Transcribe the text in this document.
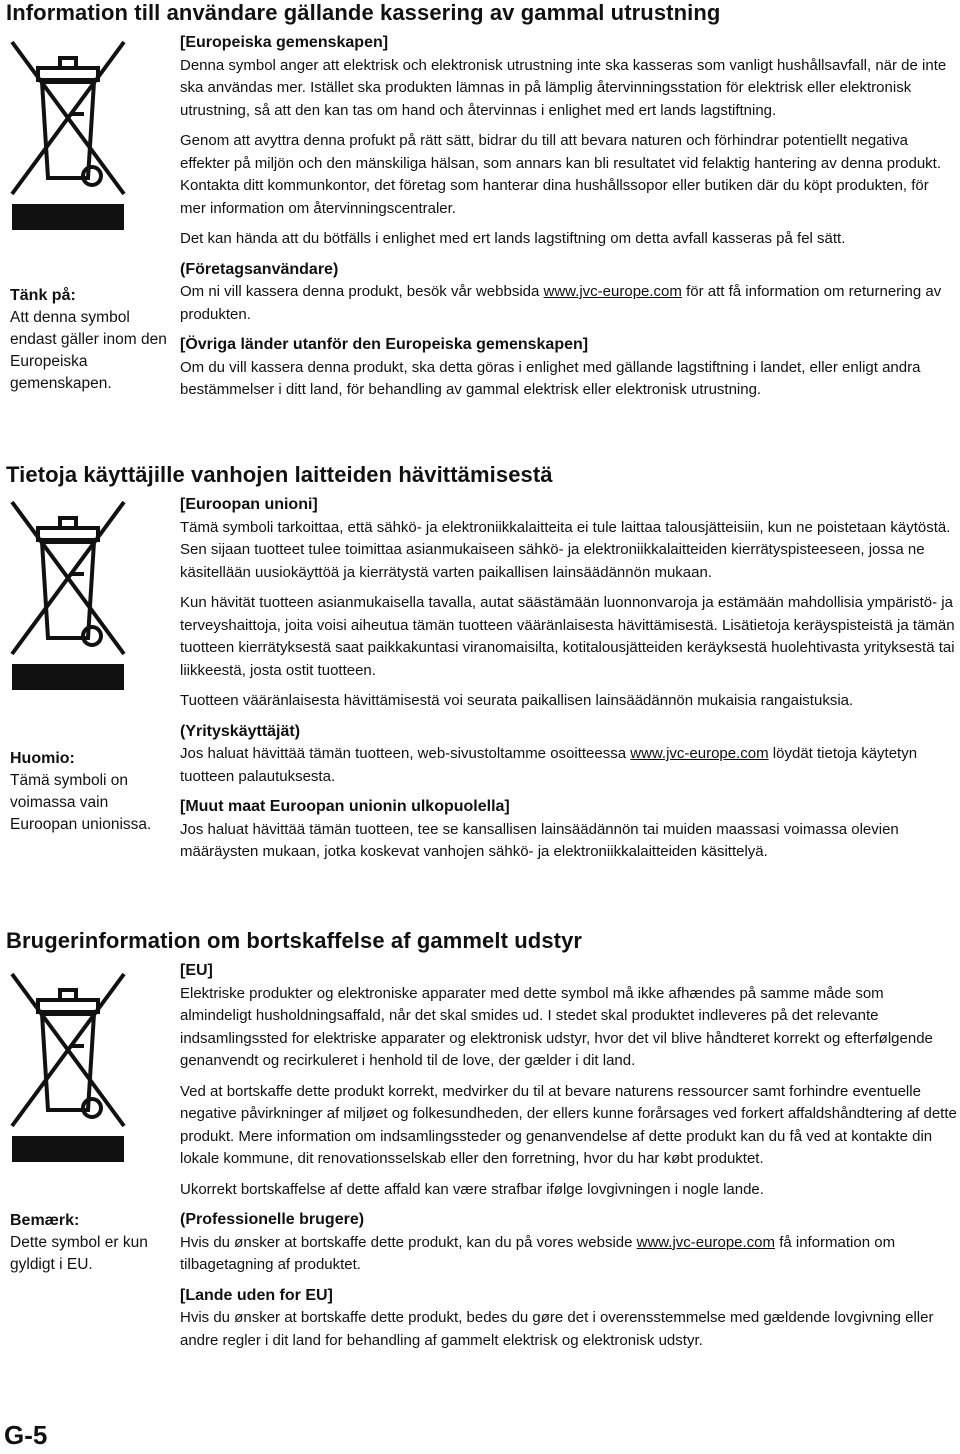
Information till användare gällande kassering av gammal utrustning
Tänk på:
Att denna symbol endast gäller inom den Europeiska gemenskapen.

[Europeiska gemenskapen]
Denna symbol anger att elektrisk och elektronisk utrustning inte ska kasseras som vanligt hushållsavfall, när de inte ska användas mer. Istället ska produkten lämnas in på lämplig återvinningsstation för elektrisk eller elektronisk utrustning, så att den kan tas om hand och återvinnas i enlighet med ert lands lagstiftning.

Genom att avyttra denna profukt på rätt sätt, bidrar du till att bevara naturen och förhindrar potentiellt negativa effekter på miljön och den mänskiliga hälsan, som annars kan bli resultatet vid felaktig hantering av denna produkt. Kontakta ditt kommunkontor, det företag som hanterar dina hushållssopor eller butiken där du köpt produkten, för mer information om återvinningscentraler.

Det kan hända att du bötfälls i enlighet med ert lands lagstiftning om detta avfall kasseras på fel sätt.

(Företagsanvändare)
Om ni vill kassera denna produkt, besök vår webbsida www.jvc-europe.com för att få information om returnering av produkten.

[Övriga länder utanför den Europeiska gemenskapen]
Om du vill kassera denna produkt, ska detta göras i enlighet med gällande lagstiftning i landet, eller enligt andra bestämmelser i ditt land, för behandling av gammal elektrisk eller elektronisk utrustning.

Tietoja käyttäjille vanhojen laitteiden hävittämisestä
Huomio:
Tämä symboli on voimassa vain Euroopan unionissa.

[Euroopan unioni]
Tämä symboli tarkoittaa, että sähkö- ja elektroniikkalaitteita ei tule laittaa talousjätteisiin, kun ne poistetaan käytöstä. Sen sijaan tuotteet tulee toimittaa asianmukaiseen sähkö- ja elektroniikkalaitteiden kierrätyspisteeseen, jossa ne käsitellään uusiokäyttöä ja kierrätystä varten paikallisen lainsäädännön mukaan.

Kun hävität tuotteen asianmukaisella tavalla, autat säästämään luonnonvaroja ja estämään mahdollisia ympäristö- ja terveyshaittoja, joita voisi aiheutua tämän tuotteen vääränlaisesta hävittämisestä. Lisätietoja keräyspisteistä ja tämän tuotteen kierrätyksestä saat paikkakuntasi viranomaisilta, kotitalousjätteiden keräyksestä huolehtivasta yrityksestä tai liikkeestä, josta ostit tuotteen.

Tuotteen vääränlaisesta hävittämisestä voi seurata paikallisen lainsäädännön mukaisia rangaistuksia.

(Yrityskäyttäjät)
Jos haluat hävittää tämän tuotteen, web-sivustoltamme osoitteessa www.jvc-europe.com löydät tietoja käytetyn tuotteen palautuksesta.

[Muut maat Euroopan unionin ulkopuolella]
Jos haluat hävittää tämän tuotteen, tee se kansallisen lainsäädännön tai muiden maassasi voimassa olevien määräysten mukaan, jotka koskevat vanhojen sähkö- ja elektroniikkalaitteiden käsittelyä.

Brugerinformation om bortskaffelse af gammelt udstyr
Bemærk:
Dette symbol er kun gyldigt i EU.

[EU]
Elektriske produkter og elektroniske apparater med dette symbol må ikke afhændes på samme måde som almindeligt husholdningsaffald, når det skal smides ud. I stedet skal produktet indleveres på det relevante indsamlingssted for elektriske apparater og elektronisk udstyr, hvor det vil blive håndteret korrekt og efterfølgende genanvendt og recirkuleret i henhold til de love, der gælder i dit land.

Ved at bortskaffe dette produkt korrekt, medvirker du til at bevare naturens ressourcer samt forhindre eventuelle negative påvirkninger af miljøet og folkesundheden, der ellers kunne forårsages ved forkert affaldshåndtering af dette produkt. Mere information om indsamlingssteder og genanvendelse af dette produkt kan du få ved at kontakte din lokale kommune, dit renovationsselskab eller den forretning, hvor du har købt produktet.

Ukorrekt bortskaffelse af dette affald kan være strafbar ifølge lovgivningen i nogle lande.

(Professionelle brugere)
Hvis du ønsker at bortskaffe dette produkt, kan du på vores webside www.jvc-europe.com få information om tilbagetagning af produktet.

[Lande uden for EU]
Hvis du ønsker at bortskaffe dette produkt, bedes du gøre det i overensstemmelse med gældende lovgivning eller andre regler i dit land for behandling af gammelt elektrisk og elektronisk udstyr.

G-5
